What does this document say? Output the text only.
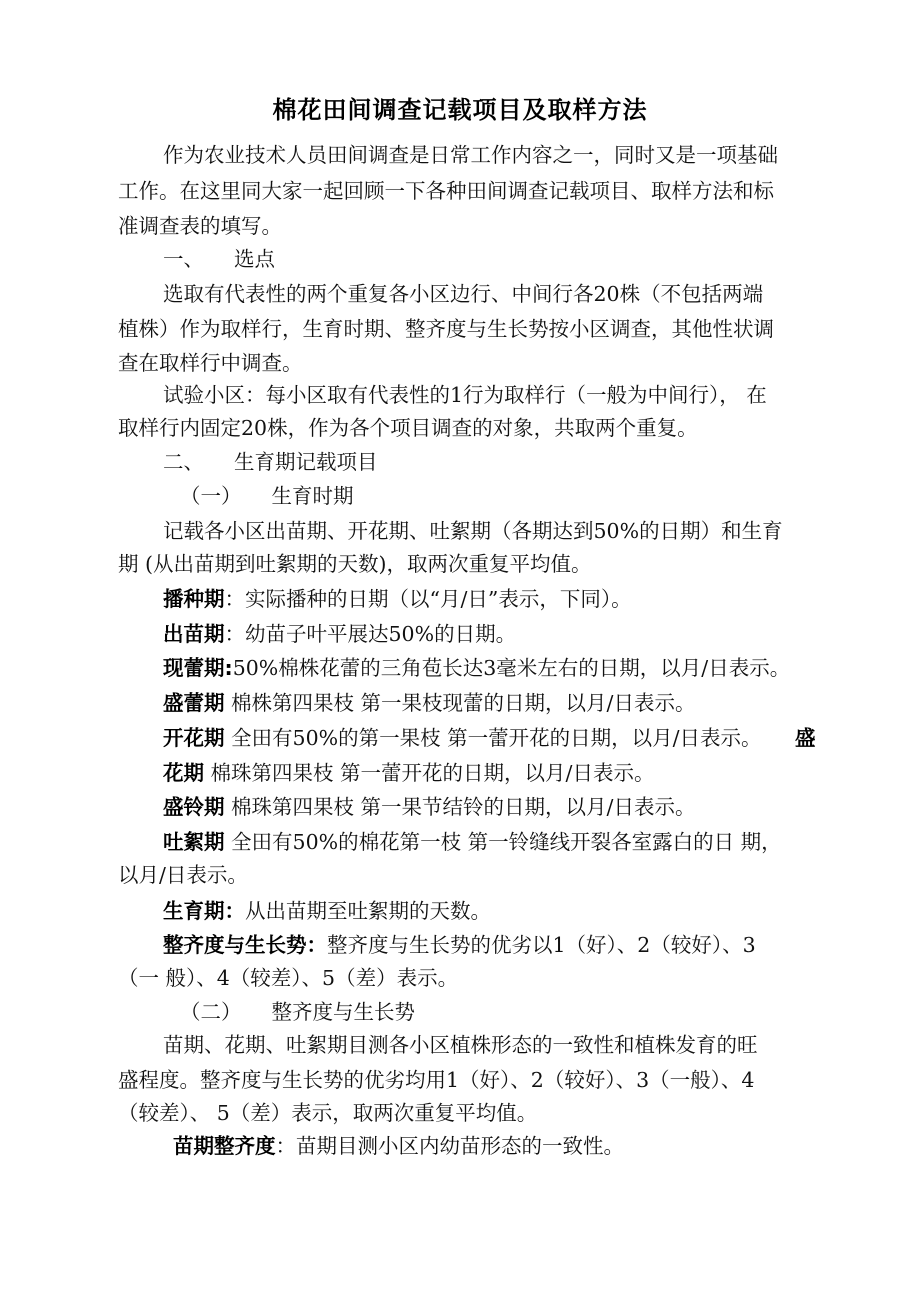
棉花田间调查记载项目及取样方法
作为农业技术人员田间调查是日常工作内容之一，同时又是一项基础
工作。在这里同大家一起回顾一下各种田间调查记载项目、取样方法和标
准调查表的填写。
一、 选点
选取有代表性的两个重复各小区边行、中间行各20株（不包括两端
植株）作为取样行，生育时期、整齐度与生长势按小区调查，其他性状调
查在取样行中调查。
试验小区：每小区取有代表性的1行为取样行（一般为中间行）， 在
取样行内固定20株，作为各个项目调查的对象，共取两个重复。
二、 生育期记载项目
（一） 生育时期
记载各小区出苗期、开花期、吐絮期（各期达到50%的日期）和生育
期 (从出苗期到吐絮期的天数)，取两次重复平均值。
播种期：实际播种的日期（以“月/日”表示，下同）。
出苗期：幼苗子叶平展达50%的日期。
现蕾期:50%棉株花蕾的三角苞长达3毫米左右的日期，以月/日表示。
盛蕾期 棉株第四果枝 第一果枝现蕾的日期，以月/日表示。
开花期 全田有50%的第一果枝 第一蕾开花的日期，以月/日表示。 盛
花期 棉珠第四果枝 第一蕾开花的日期，以月/日表示。
盛铃期 棉珠第四果枝 第一果节结铃的日期，以月/日表示。
吐絮期 全田有50%的棉花第一枝 第一铃缝线开裂各室露白的日 期，
以月/日表示。
生育期：从出苗期至吐絮期的天数。
整齐度与生长势：整齐度与生长势的优劣以1（好）、2（较好）、3
（一 般）、4（较差）、5（差）表示。
（二） 整齐度与生长势
苗期、花期、吐絮期目测各小区植株形态的一致性和植株发育的旺
盛程度。整齐度与生长势的优劣均用1（好）、2（较好）、3（一般）、4
（较差）、 5（差）表示，取两次重复平均值。
苗期整齐度：苗期目测小区内幼苗形态的一致性。
